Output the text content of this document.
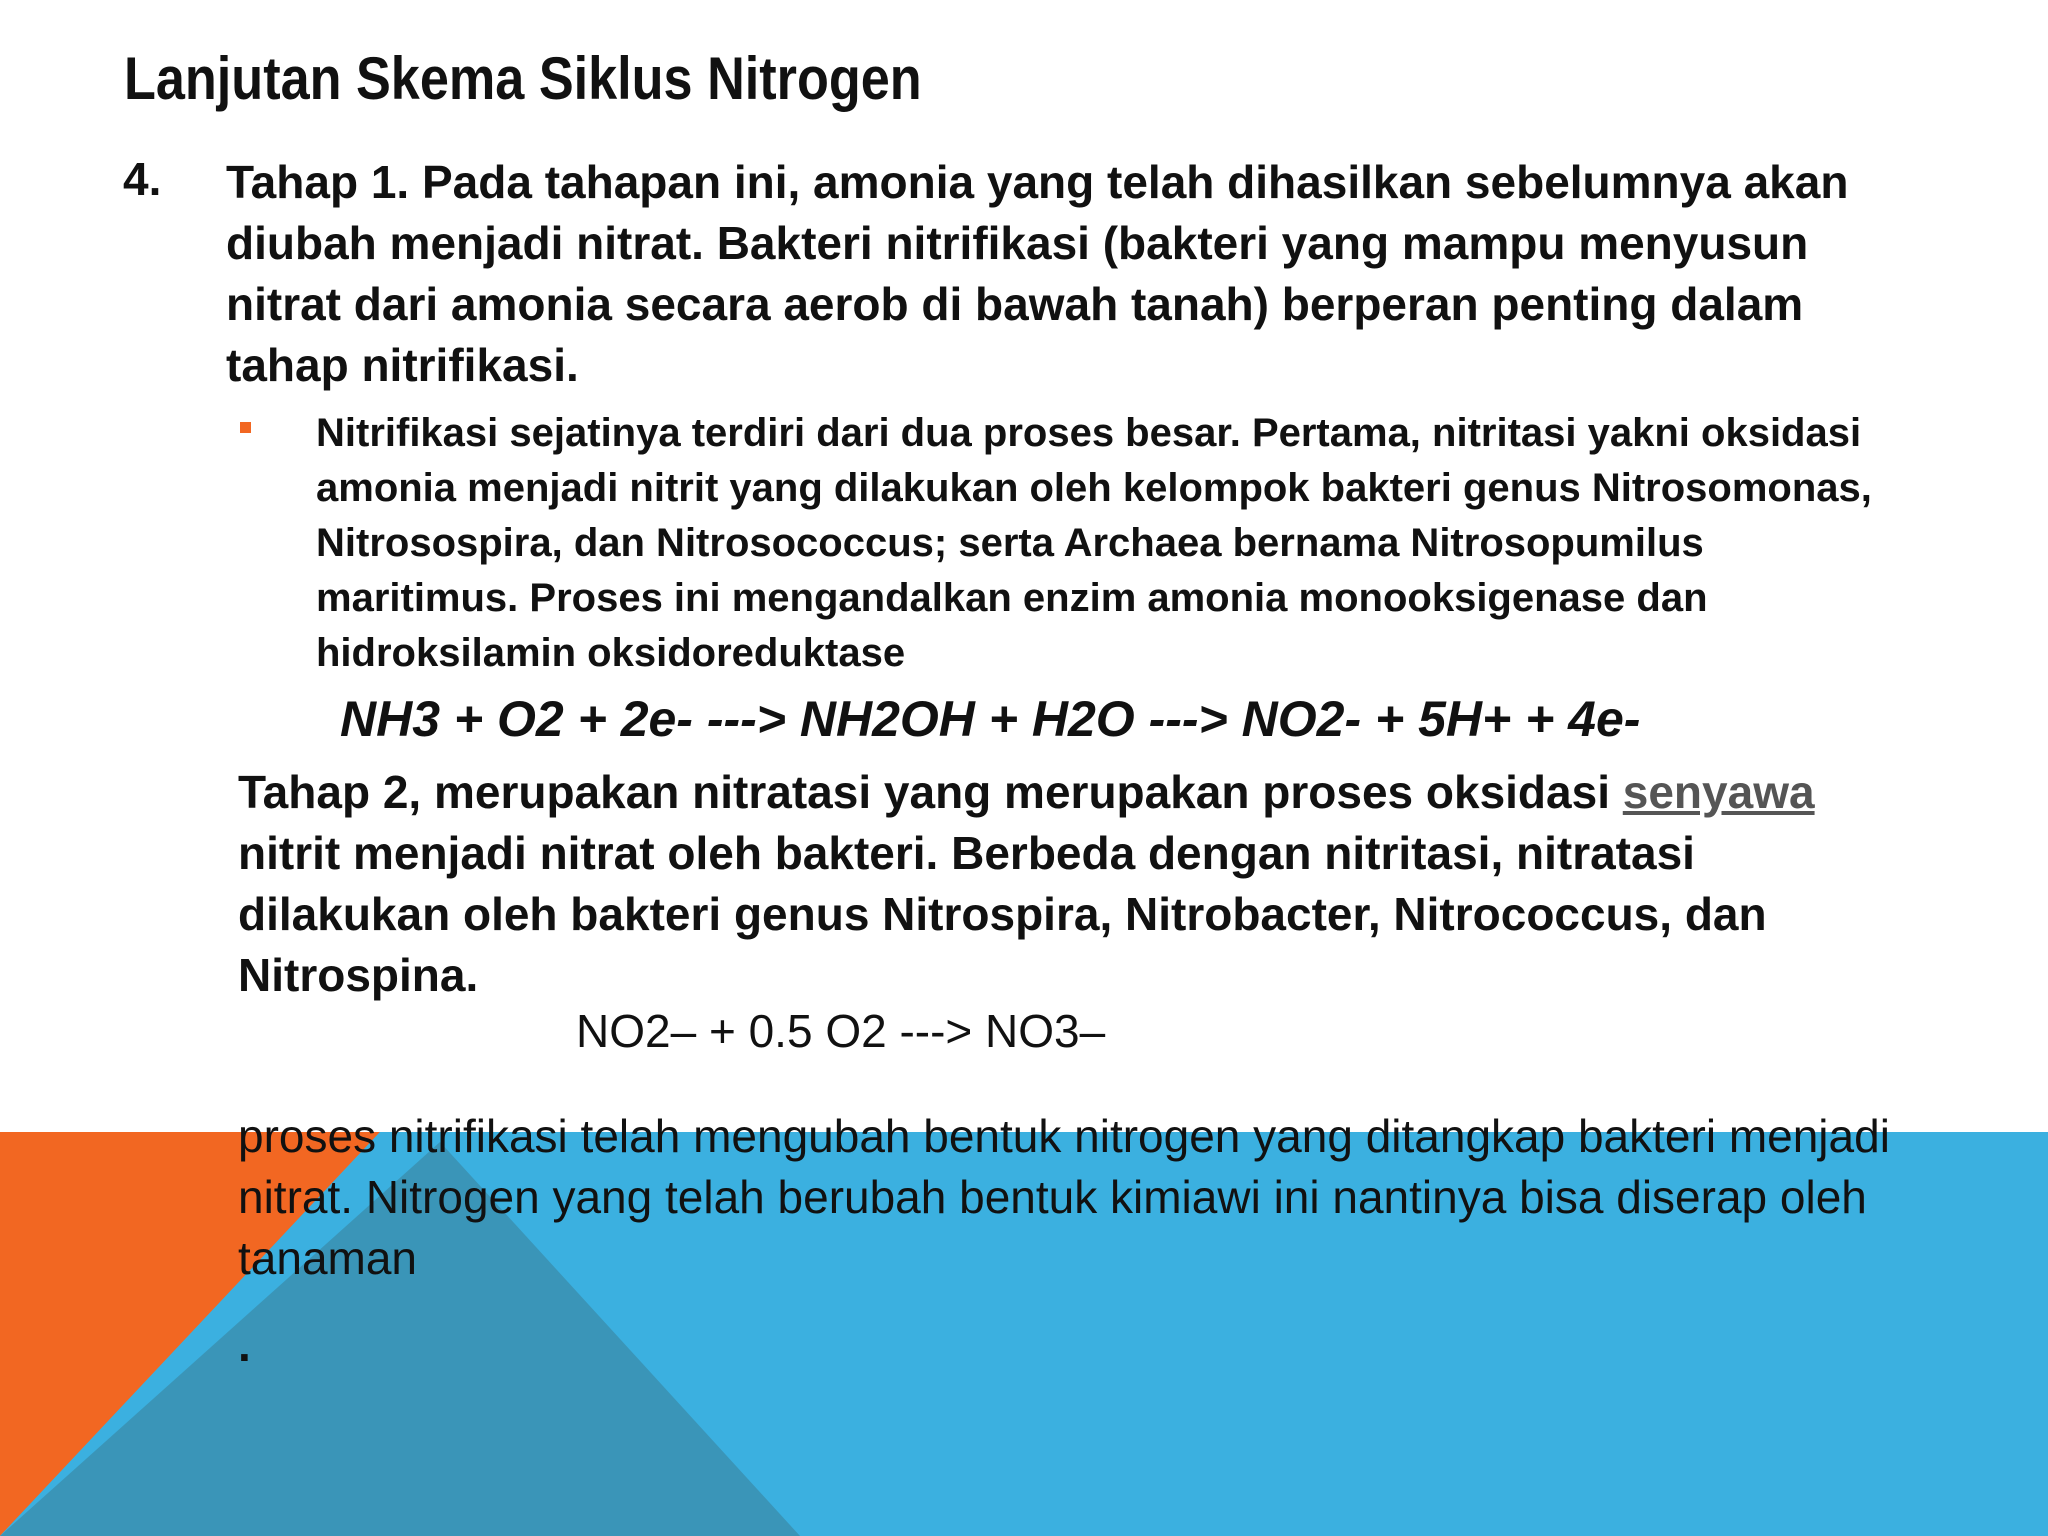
Lanjutan Skema Siklus Nitrogen
4. Tahap 1. Pada tahapan ini, amonia yang telah dihasilkan sebelumnya akan diubah menjadi nitrat. Bakteri nitrifikasi (bakteri yang mampu menyusun nitrat dari amonia secara aerob di bawah tanah) berperan penting dalam tahap nitrifikasi.

Nitrifikasi sejatinya terdiri dari dua proses besar. Pertama, nitritasi yakni oksidasi amonia menjadi nitrit yang dilakukan oleh kelompok bakteri genus Nitrosomonas, Nitrosospira, dan Nitrosococcus; serta Archaea bernama Nitrosopumilus maritimus. Proses ini mengandalkan enzim amonia monooksigenase dan hidroksilamin oksidoreduktase

NH3 + O2 + 2e- ---> NH2OH + H2O ---> NO2- + 5H+ + 4e-

Tahap 2, merupakan nitratasi yang merupakan proses oksidasi senyawa nitrit menjadi nitrat oleh bakteri. Berbeda dengan nitritasi, nitratasi dilakukan oleh bakteri genus Nitrospira, Nitrobacter, Nitrococcus, dan Nitrospina.

NO2– + 0.5 O2 ---> NO3–

proses nitrifikasi telah mengubah bentuk nitrogen yang ditangkap bakteri menjadi nitrat. Nitrogen yang telah berubah bentuk kimiawi ini nantinya bisa diserap oleh tanaman

.
